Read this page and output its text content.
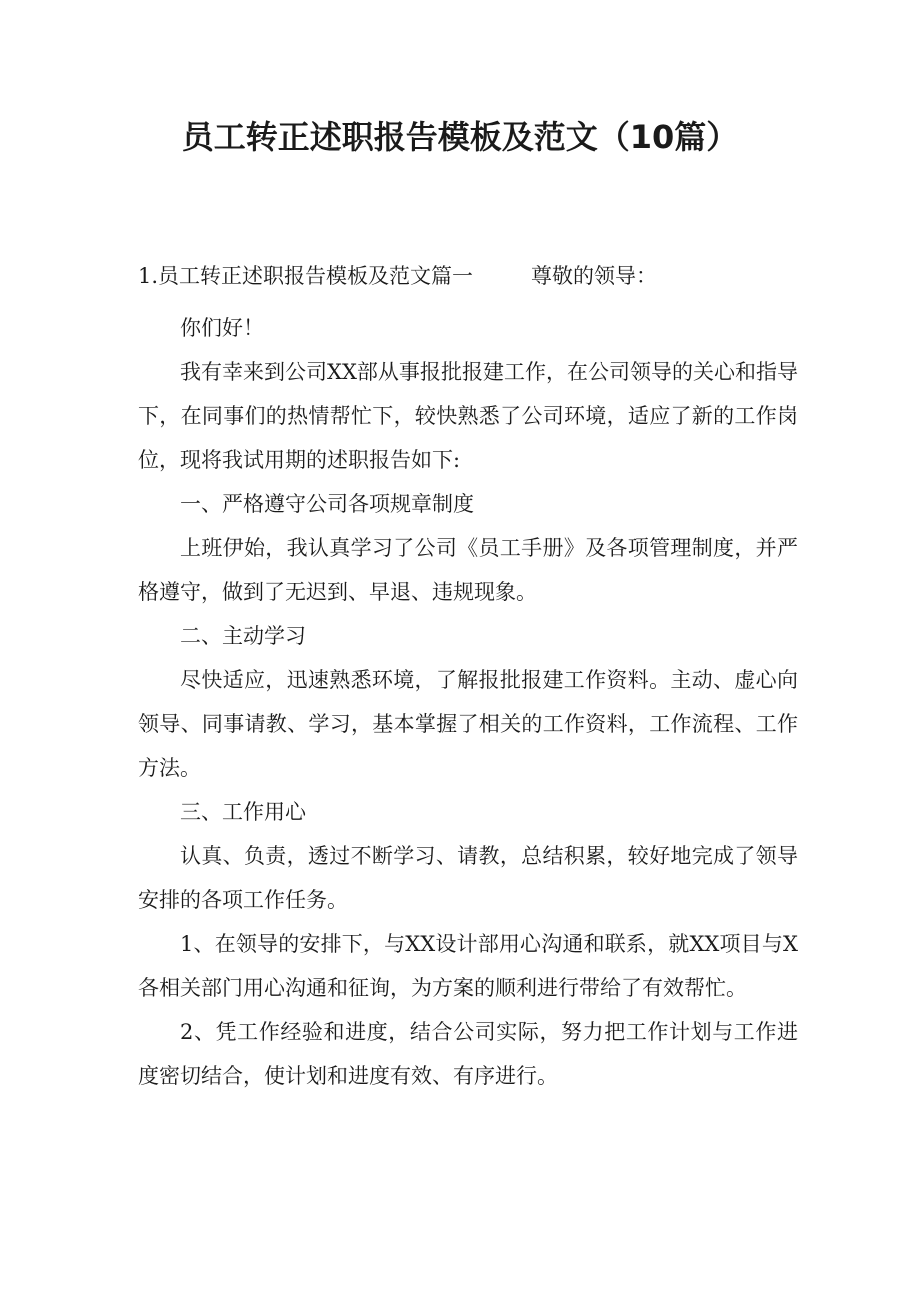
员工转正述职报告模板及范文（10篇）
1.员工转正述职报告模板及范文篇一	尊敬的领导：

你们好！

我有幸来到公司XX部从事报批报建工作，在公司领导的关心和指导下，在同事们的热情帮忙下，较快熟悉了公司环境，适应了新的工作岗位，现将我试用期的述职报告如下:

一、严格遵守公司各项规章制度

上班伊始，我认真学习了公司《员工手册》及各项管理制度，并严格遵守，做到了无迟到、早退、违规现象。

二、主动学习

尽快适应，迅速熟悉环境，了解报批报建工作资料。主动、虚心向领导、同事请教、学习，基本掌握了相关的工作资料，工作流程、工作方法。

三、工作用心

认真、负责，透过不断学习、请教，总结积累，较好地完成了领导安排的各项工作任务。

1、在领导的安排下，与XX设计部用心沟通和联系，就XX项目与X各相关部门用心沟通和征询，为方案的顺利进行带给了有效帮忙。

2、凭工作经验和进度，结合公司实际，努力把工作计划与工作进度密切结合，使计划和进度有效、有序进行。
